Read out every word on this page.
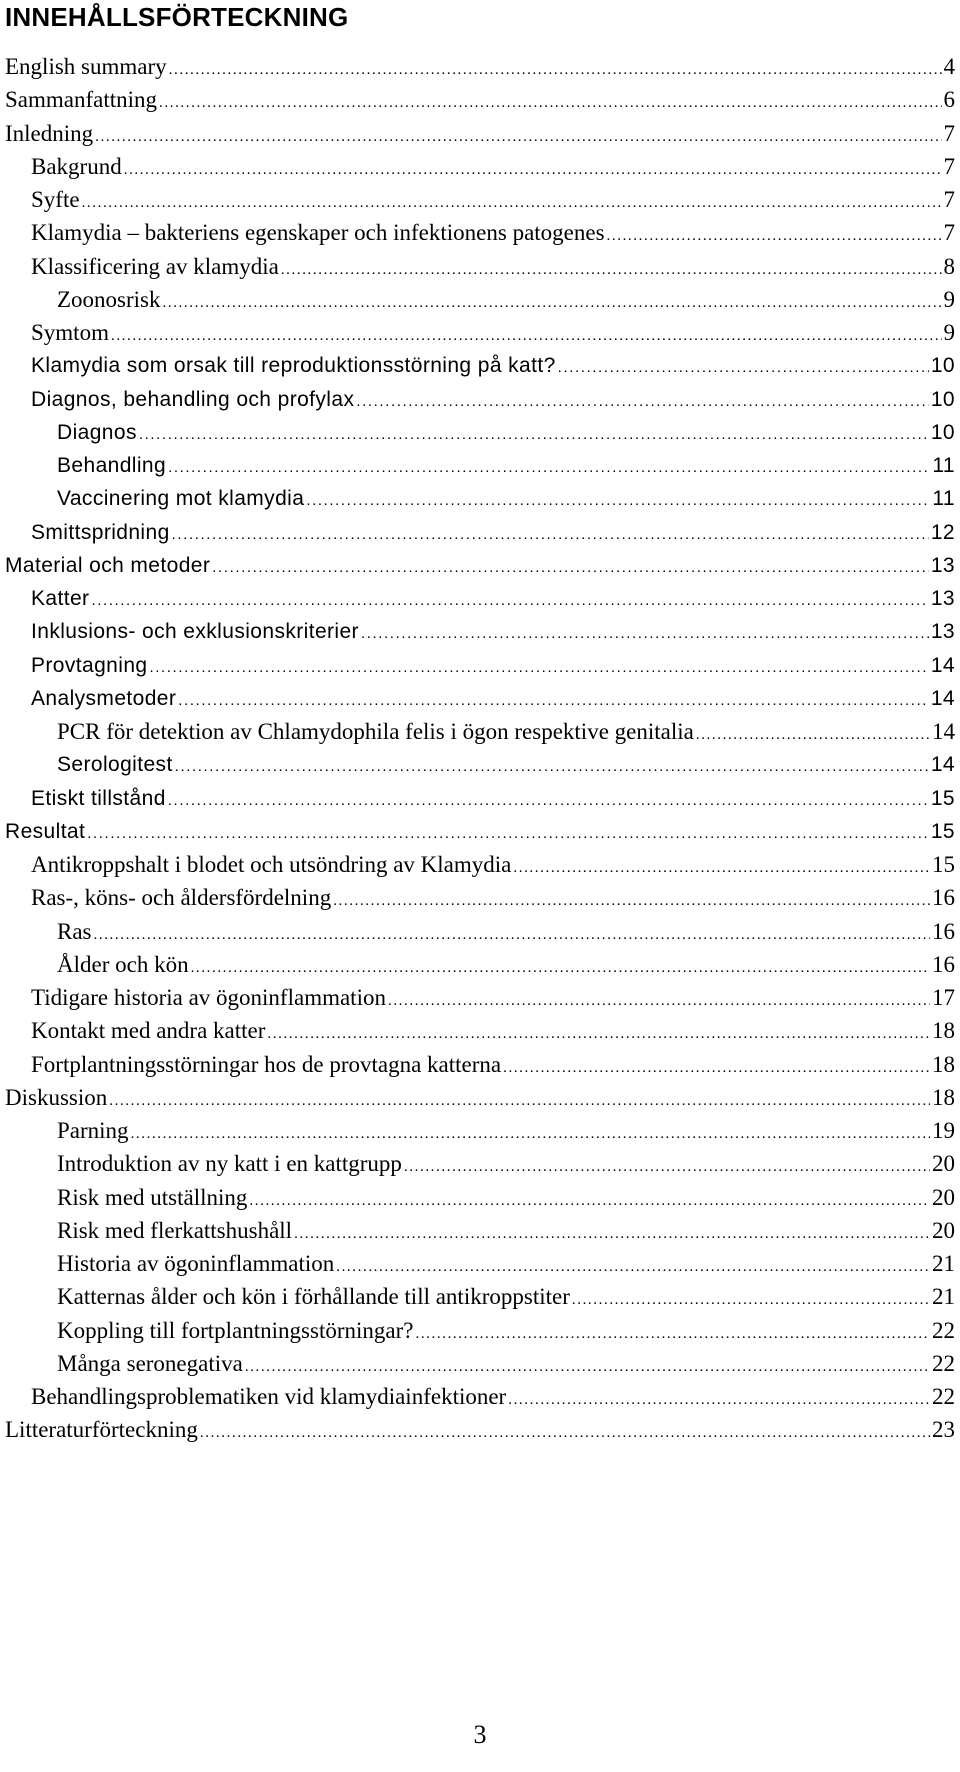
INNEHÅLLSFÖRTECKNING
English summary .....	4
Sammanfattning .....	6
Inledning .....	7
Bakgrund .....	7
Syfte .....	7
Klamydia – bakteriens egenskaper och infektionens patogenes .....	7
Klassificering av klamydia .....	8
Zoonosrisk .....	9
Symtom .....	9
Klamydia som orsak till reproduktionsstörning på katt? .....	10
Diagnos, behandling och profylax .....	10
Diagnos .....	10
Behandling .....	11
Vaccinering mot klamydia .....	11
Smittspridning .....	12
Material och metoder .....	13
Katter .....	13
Inklusions- och exklusionskriterier .....	13
Provtagning .....	14
Analysmetoder .....	14
PCR för detektion av Chlamydophila felis i ögon respektive genitalia .....	14
Serologitest .....	14
Etiskt tillstånd .....	15
Resultat .....	15
Antikroppshalt i blodet och utsöndring av Klamydia .....	15
Ras-, köns- och åldersfördelning .....	16
Ras .....	16
Ålder och kön .....	16
Tidigare historia av ögoninflammation .....	17
Kontakt med andra katter .....	18
Fortplantningsstörningar hos de provtagna katterna .....	18
Diskussion .....	18
Parning .....	19
Introduktion av ny katt i en kattgrupp .....	20
Risk med utställning .....	20
Risk med flerkattshushåll .....	20
Historia av ögoninflammation .....	21
Katternas ålder och kön i förhållande till antikroppstiter .....	21
Koppling till fortplantningsstörningar? .....	22
Många seronegativa .....	22
Behandlingsproblematiken vid klamydiainfektioner .....	22
Litteraturförteckning .....	23
3
